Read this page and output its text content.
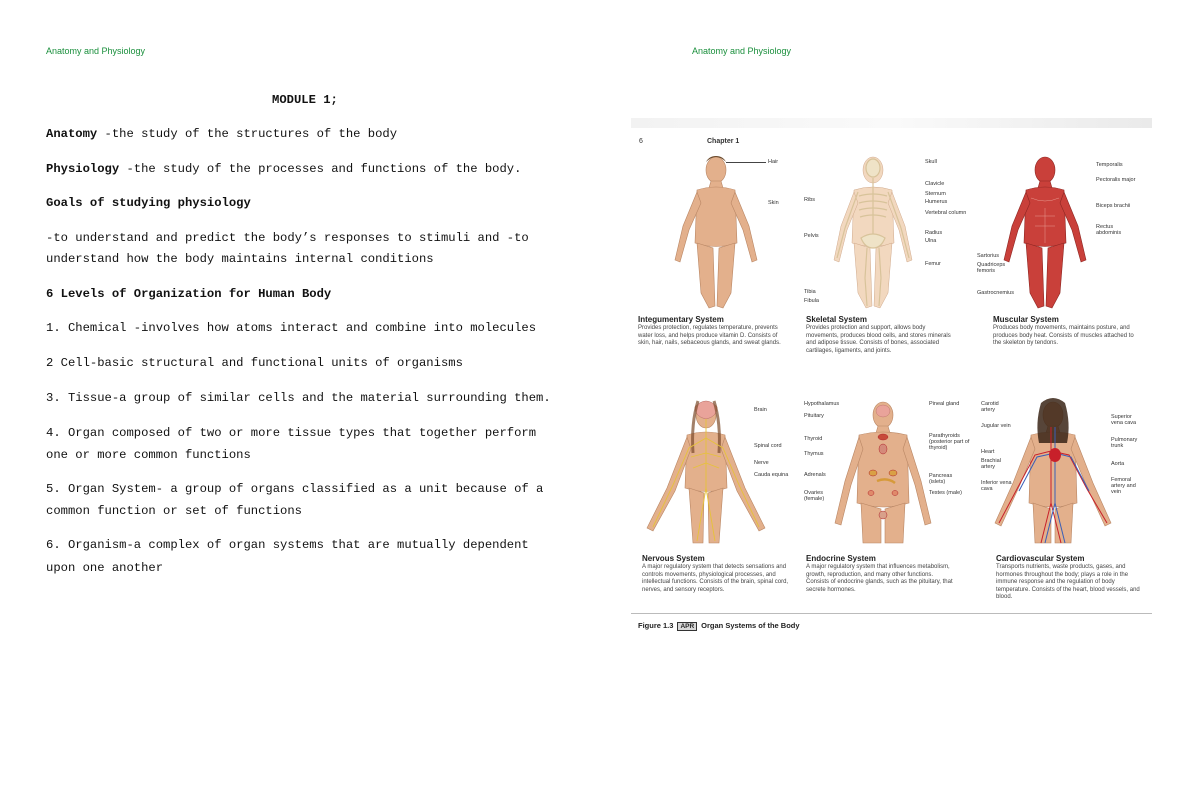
Anatomy and Physiology	Anatomy and Physiology
MODULE 1;
Anatomy -the study of the structures of the body
Physiology -the study of the processes and functions of the body.
Goals of studying physiology
-to understand and predict the body’s responses to stimuli and -to
understand how the body maintains internal conditions
6 Levels of Organization for Human Body
1. Chemical -involves how atoms interact and combine into molecules
2 Cell-basic structural and functional units of organisms
3. Tissue-a group of similar cells and the material surrounding them.
4. Organ composed of two or more tissue types that together perform
one or more common functions
5. Organ System- a group of organs classified as a unit because of a
common function or set of functions
6. Organism-a complex of organ systems that are mutually dependent
upon one another
6	Chapter 1
Hair
Skin
Integumentary System
Provides protection, regulates temperature, prevents water loss, and helps produce vitamin D. Consists of skin, hair, nails, sebaceous glands, and sweat glands.
Skull
Clavicle
Sternum
Humerus
Ribs
Vertebral column
Pelvis	Radius
Ulna
Femur
Tibia
Fibula
Skeletal System
Provides protection and support, allows body movements, produces blood cells, and stores minerals and adipose tissue. Consists of bones, associated cartilages, ligaments, and joints.
Temporalis
Pectoralis major
Biceps brachii
Rectus abdominis
Sartorius
Quadriceps femoris
Gastrocnemius
Muscular System
Produces body movements, maintains posture, and produces body heat. Consists of muscles attached to the skeleton by tendons.
Brain
Spinal cord
Nerve
Cauda equina
Nervous System
A major regulatory system that detects sensations and controls movements, physiological processes, and intellectual functions. Consists of the brain, spinal cord, nerves, and sensory receptors.
Hypothalamus
Pituitary
Thyroid
Thymus
Adrenals
Ovaries (female)
Pineal gland
Parathyroids (posterior part of thyroid)
Pancreas (islets)
Testes (male)
Endocrine System
A major regulatory system that influences metabolism, growth, reproduction, and many other functions. Consists of endocrine glands, such as the pituitary, that secrete hormones.
Carotid artery
Jugular vein
Heart
Brachial artery
Inferior vena cava
Superior vena cava
Pulmonary trunk
Aorta
Femoral artery and vein
Cardiovascular System
Transports nutrients, waste products, gases, and hormones throughout the body; plays a role in the immune response and the regulation of body temperature. Consists of the heart, blood vessels, and blood.
Figure 1.3 APR Organ Systems of the Body
